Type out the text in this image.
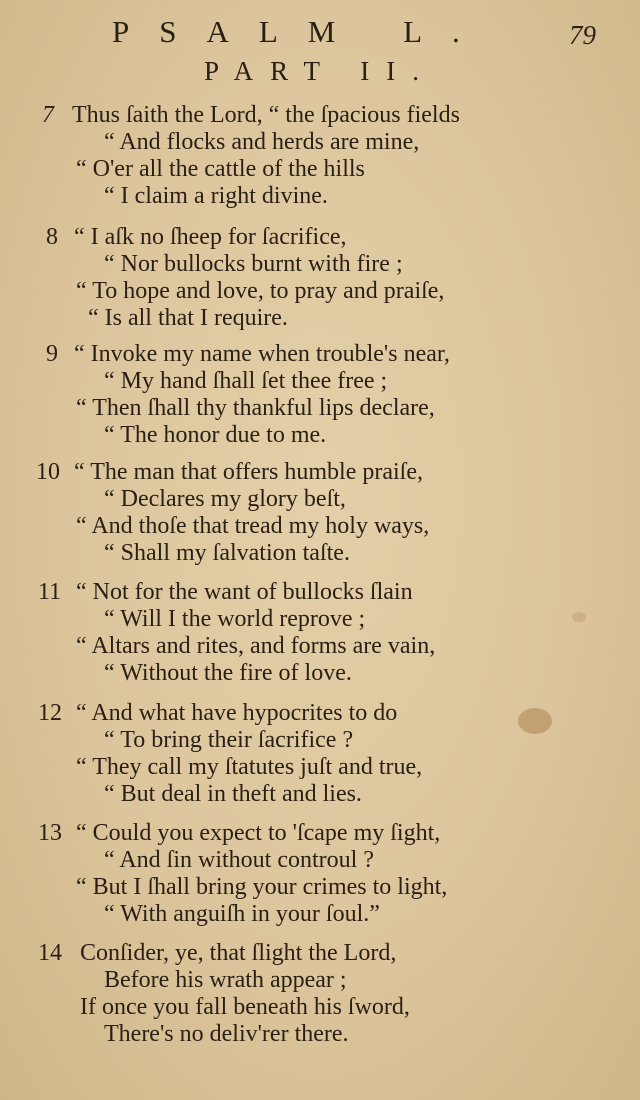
PSALM L.	79
PART II.
7 Thus ſaith the Lord, “ the ſpacious fields
“ And flocks and herds are mine,
“ O'er all the cattle of the hills
“ I claim a right divine.
8 “ I aſk no ſheep for ſacrifice,
“ Nor bullocks burnt with fire ;
“ To hope and love, to pray and praiſe,
“ Is all that I require.
9 “ Invoke my name when trouble's near,
“ My hand ſhall ſet thee free ;
“ Then ſhall thy thankful lips declare,
“ The honor due to me.
10 “ The man that offers humble praiſe,
“ Declares my glory beſt,
“ And thoſe that tread my holy ways,
“ Shall my ſalvation taſte.
11 “ Not for the want of bullocks ſlain
“ Will I the world reprove ;
“ Altars and rites, and forms are vain,
“ Without the fire of love.
12 “ And what have hypocrites to do
“ To bring their ſacrifice ?
“ They call my ſtatutes juſt and true,
“ But deal in theft and lies.
13 “ Could you expect to 'ſcape my ſight,
“ And ſin without controul ?
“ But I ſhall bring your crimes to light,
“ With anguiſh in your ſoul.”
14 Conſider, ye, that ſlight the Lord,
Before his wrath appear ;
If once you fall beneath his ſword,
There's no deliv'rer there.
